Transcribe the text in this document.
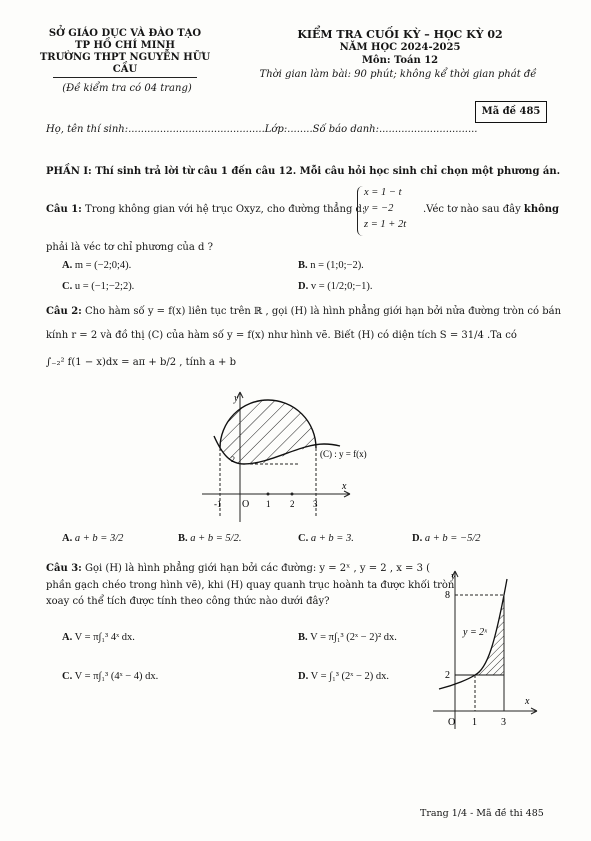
SỞ GIÁO DỤC VÀ ĐÀO TẠO
TP HỒ CHÍ MINH
TRƯỜNG THPT NGUYỄN HỮU CẦU
(Đề kiểm tra có 04 trang)
KIỂM TRA CUỐI KỲ – HỌC KỲ 02
NĂM HỌC 2024-2025
Môn: Toán 12
Thời gian làm bài: 90 phút; không kể thời gian phát đề
Mã đề 485
Họ, tên thí sinh:...........................................Lớp:........Số báo danh:...............................
PHẦN I: Thí sinh trả lời từ câu 1 đến câu 12. Mỗi câu hỏi học sinh chỉ chọn một phương án.
Câu 1: Trong không gian với hệ trục Oxyz, cho đường thẳng d:
x = 1 − t
y = −2
z = 1 + 2t
.Véc tơ nào sau đây không
phải là véc tơ chỉ phương của d ?
A. m = (−2;0;4).	B. n = (1;0;−2).
C. u = (−1;−2;2).	D. v = (1/2;0;−1).
Câu 2: Cho hàm số y = f(x) liên tục trên ℝ , gọi (H) là hình phẳng giới hạn bởi nửa đường tròn có bán
kính r = 2 và đồ thị (C) của hàm số y = f(x) như hình vẽ. Biết (H) có diện tích S = 31/4 .Ta có
∫₋₂² f(1 − x)dx = aπ + b/2 , tính a + b
y
x
O
-1	1 2 3
2
(C) : y = f(x)
A. a + b = 3/2	B. a + b = 5/2.	C. a + b = 3.	D. a + b = −5/2
Câu 3: Gọi (H) là hình phẳng giới hạn bởi các đường: y = 2ˣ , y = 2 , x = 3 (
phần gạch chéo trong hình vẽ), khi (H) quay quanh trục hoành ta được khối tròn
xoay có thể tích được tính theo công thức nào dưới đây?
A. V = π∫₁³ 4ˣ dx.	B. V = π∫₁³ (2ˣ − 2)² dx.
C. V = π∫₁³ (4ˣ − 4) dx.	D. V = ∫₁³ (2ˣ − 2) dx.
y
x
O 1 3
8
2
y = 2ˣ
Trang 1/4 - Mã đề thi 485
